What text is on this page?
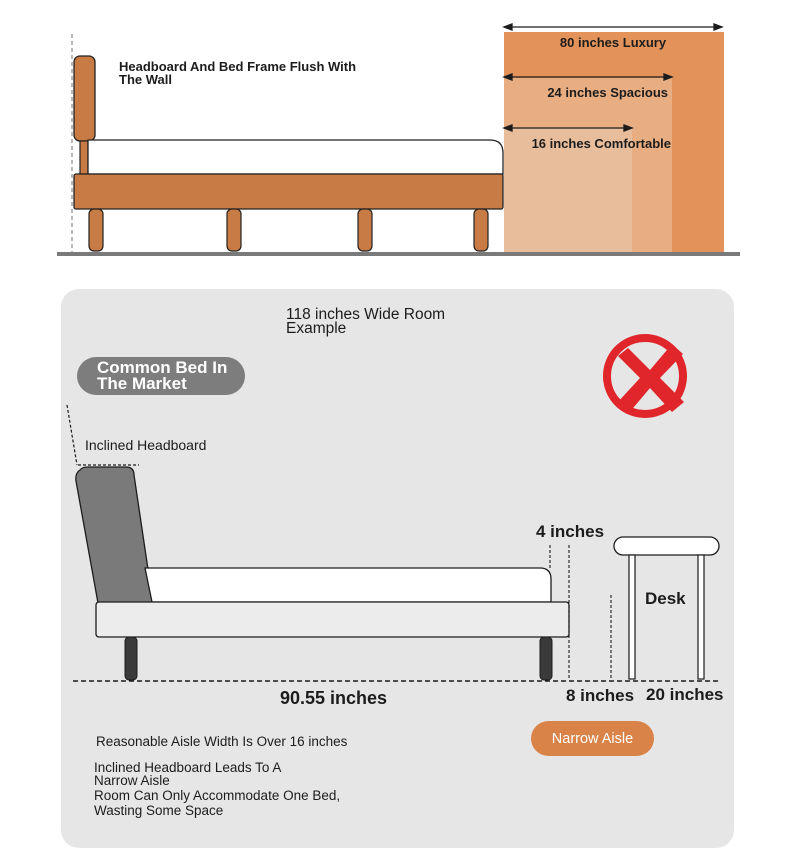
Headboard And Bed Frame Flush With The Wall
80 inches Luxury
24 inches Spacious
16 inches Comfortable
118 inches Wide Room Example
Common Bed In The Market
Inclined Headboard
4 inches
Desk
90.55 inches	8 inches 20 inches
Reasonable Aisle Width Is Over 16 inches	Narrow Aisle
Inclined Headboard Leads To A Narrow Aisle
Room Can Only Accommodate One Bed, Wasting Some Space
